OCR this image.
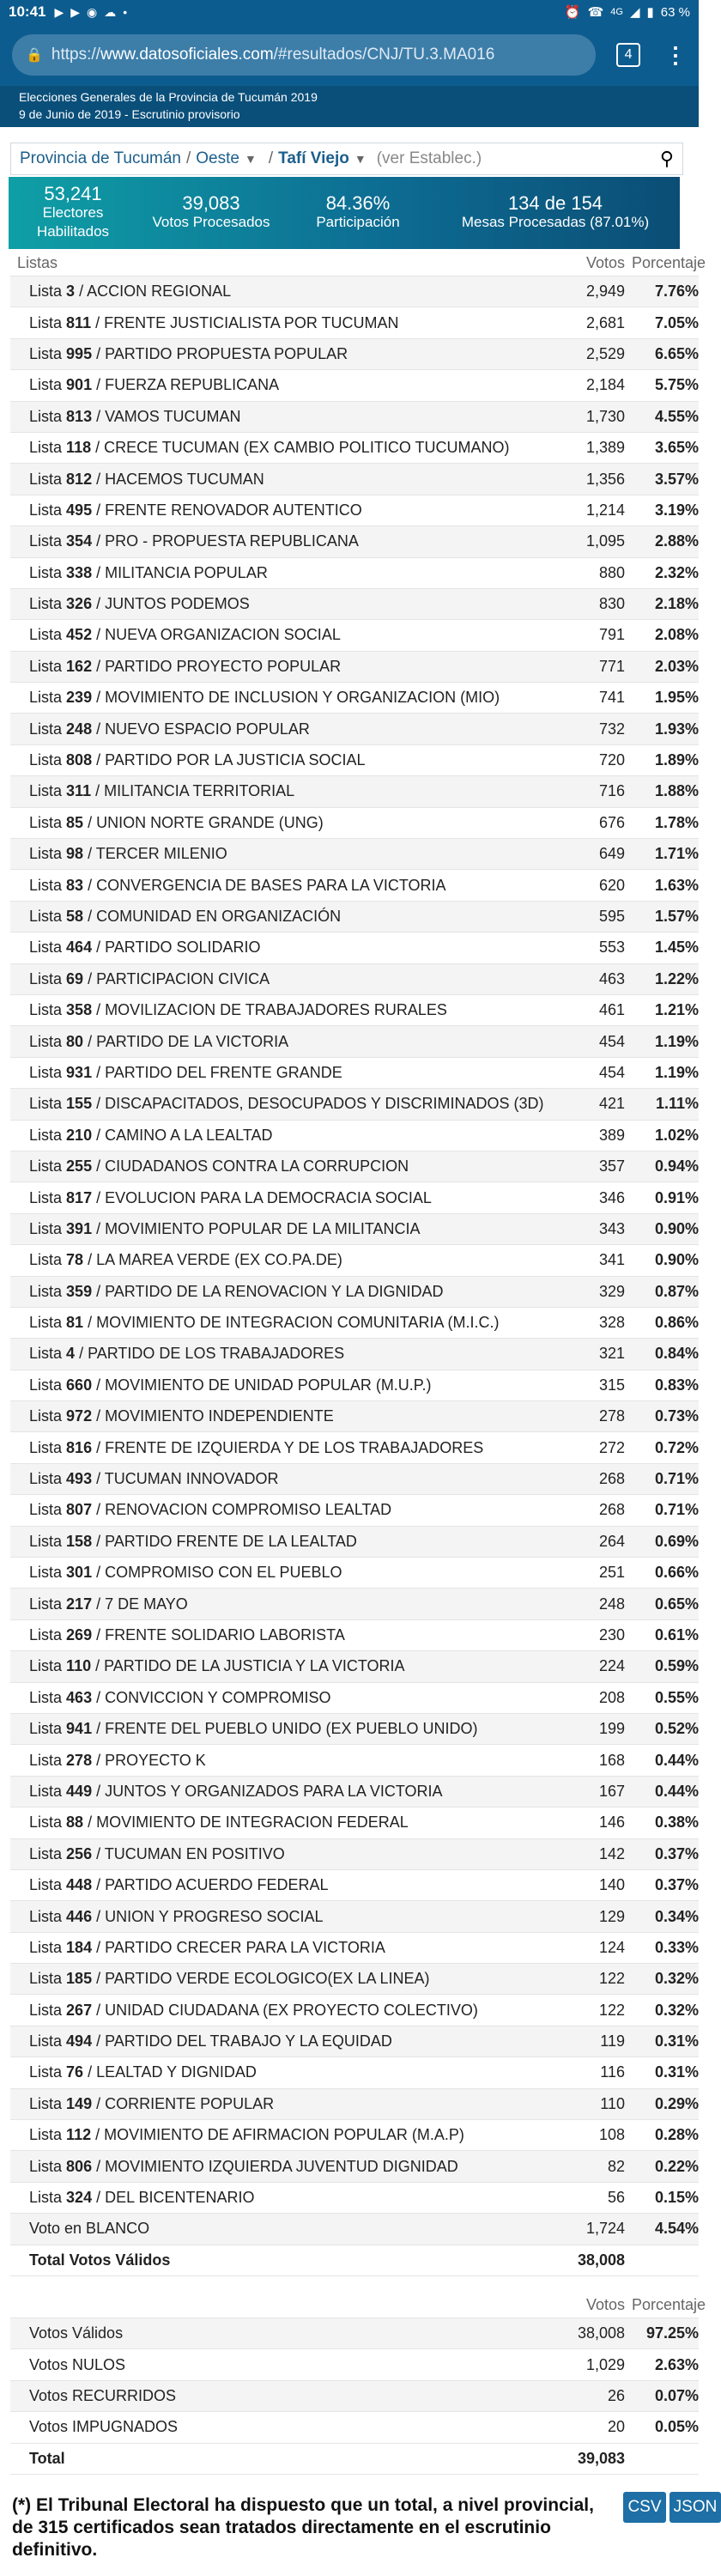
10:41 ▶ ▶ ◉ ☁ •	⏰ ☎ 4G ◢ ▮ 63 %
🔒 https:// www.datosoficiales.com /#resultados/CNJ/TU.3.MA016	4	⋮
Elecciones Generales de la Provincia de Tucumán 2019
9 de Junio de 2019 - Escrutinio provisorio
Provincia de Tucumán / Oeste ▼ / Tafí Viejo ▼ (ver Establec.)	⚲
53,241
Electores
Habilitados
39,083
Votos Procesados
84.36%
Participación
134 de 154
Mesas Procesadas (87.01%)
Listas	Votos Porcentaje
Lista 3 / ACCION REGIONAL	2,949	7.76%
Lista 811 / FRENTE JUSTICIALISTA POR TUCUMAN	2,681	7.05%
Lista 995 / PARTIDO PROPUESTA POPULAR	2,529	6.65%
Lista 901 / FUERZA REPUBLICANA	2,184	5.75%
Lista 813 / VAMOS TUCUMAN	1,730	4.55%
Lista 118 / CRECE TUCUMAN (EX CAMBIO POLITICO TUCUMANO)	1,389	3.65%
Lista 812 / HACEMOS TUCUMAN	1,356	3.57%
Lista 495 / FRENTE RENOVADOR AUTENTICO	1,214	3.19%
Lista 354 / PRO - PROPUESTA REPUBLICANA	1,095	2.88%
Lista 338 / MILITANCIA POPULAR	880	2.32%
Lista 326 / JUNTOS PODEMOS	830	2.18%
Lista 452 / NUEVA ORGANIZACION SOCIAL	791	2.08%
Lista 162 / PARTIDO PROYECTO POPULAR	771	2.03%
Lista 239 / MOVIMIENTO DE INCLUSION Y ORGANIZACION (MIO)	741	1.95%
Lista 248 / NUEVO ESPACIO POPULAR	732	1.93%
Lista 808 / PARTIDO POR LA JUSTICIA SOCIAL	720	1.89%
Lista 311 / MILITANCIA TERRITORIAL	716	1.88%
Lista 85 / UNION NORTE GRANDE (UNG)	676	1.78%
Lista 98 / TERCER MILENIO	649	1.71%
Lista 83 / CONVERGENCIA DE BASES PARA LA VICTORIA	620	1.63%
Lista 58 / COMUNIDAD EN ORGANIZACIÓN	595	1.57%
Lista 464 / PARTIDO SOLIDARIO	553	1.45%
Lista 69 / PARTICIPACION CIVICA	463	1.22%
Lista 358 / MOVILIZACION DE TRABAJADORES RURALES	461	1.21%
Lista 80 / PARTIDO DE LA VICTORIA	454	1.19%
Lista 931 / PARTIDO DEL FRENTE GRANDE	454	1.19%
Lista 155 / DISCAPACITADOS, DESOCUPADOS Y DISCRIMINADOS (3D)	421	1.11%
Lista 210 / CAMINO A LA LEALTAD	389	1.02%
Lista 255 / CIUDADANOS CONTRA LA CORRUPCION	357	0.94%
Lista 817 / EVOLUCION PARA LA DEMOCRACIA SOCIAL	346	0.91%
Lista 391 / MOVIMIENTO POPULAR DE LA MILITANCIA	343	0.90%
Lista 78 / LA MAREA VERDE (EX CO.PA.DE)	341	0.90%
Lista 359 / PARTIDO DE LA RENOVACION Y LA DIGNIDAD	329	0.87%
Lista 81 / MOVIMIENTO DE INTEGRACION COMUNITARIA (M.I.C.)	328	0.86%
Lista 4 / PARTIDO DE LOS TRABAJADORES	321	0.84%
Lista 660 / MOVIMIENTO DE UNIDAD POPULAR (M.U.P.)	315	0.83%
Lista 972 / MOVIMIENTO INDEPENDIENTE	278	0.73%
Lista 816 / FRENTE DE IZQUIERDA Y DE LOS TRABAJADORES	272	0.72%
Lista 493 / TUCUMAN INNOVADOR	268	0.71%
Lista 807 / RENOVACION COMPROMISO LEALTAD	268	0.71%
Lista 158 / PARTIDO FRENTE DE LA LEALTAD	264	0.69%
Lista 301 / COMPROMISO CON EL PUEBLO	251	0.66%
Lista 217 / 7 DE MAYO	248	0.65%
Lista 269 / FRENTE SOLIDARIO LABORISTA	230	0.61%
Lista 110 / PARTIDO DE LA JUSTICIA Y LA VICTORIA	224	0.59%
Lista 463 / CONVICCION Y COMPROMISO	208	0.55%
Lista 941 / FRENTE DEL PUEBLO UNIDO (EX PUEBLO UNIDO)	199	0.52%
Lista 278 / PROYECTO K	168	0.44%
Lista 449 / JUNTOS Y ORGANIZADOS PARA LA VICTORIA	167	0.44%
Lista 88 / MOVIMIENTO DE INTEGRACION FEDERAL	146	0.38%
Lista 256 / TUCUMAN EN POSITIVO	142	0.37%
Lista 448 / PARTIDO ACUERDO FEDERAL	140	0.37%
Lista 446 / UNION Y PROGRESO SOCIAL	129	0.34%
Lista 184 / PARTIDO CRECER PARA LA VICTORIA	124	0.33%
Lista 185 / PARTIDO VERDE ECOLOGICO(EX LA LINEA)	122	0.32%
Lista 267 / UNIDAD CIUDADANA (EX PROYECTO COLECTIVO)	122	0.32%
Lista 494 / PARTIDO DEL TRABAJO Y LA EQUIDAD	119	0.31%
Lista 76 / LEALTAD Y DIGNIDAD	116	0.31%
Lista 149 / CORRIENTE POPULAR	110	0.29%
Lista 112 / MOVIMIENTO DE AFIRMACION POPULAR (M.A.P)	108	0.28%
Lista 806 / MOVIMIENTO IZQUIERDA JUVENTUD DIGNIDAD	82	0.22%
Lista 324 / DEL BICENTENARIO	56	0.15%
Voto en BLANCO	1,724	4.54%
Total Votos Válidos	38,008
Votos Porcentaje
Votos Válidos	38,008	97.25%
Votos NULOS	1,029	2.63%
Votos RECURRIDOS	26	0.07%
Votos IMPUGNADOS	20	0.05%
Total	39,083
(*) El Tribunal Electoral ha dispuesto que un total, a nivel provincial, de 315 certificados sean tratados directamente en el escrutinio definitivo.
CSV JSON
